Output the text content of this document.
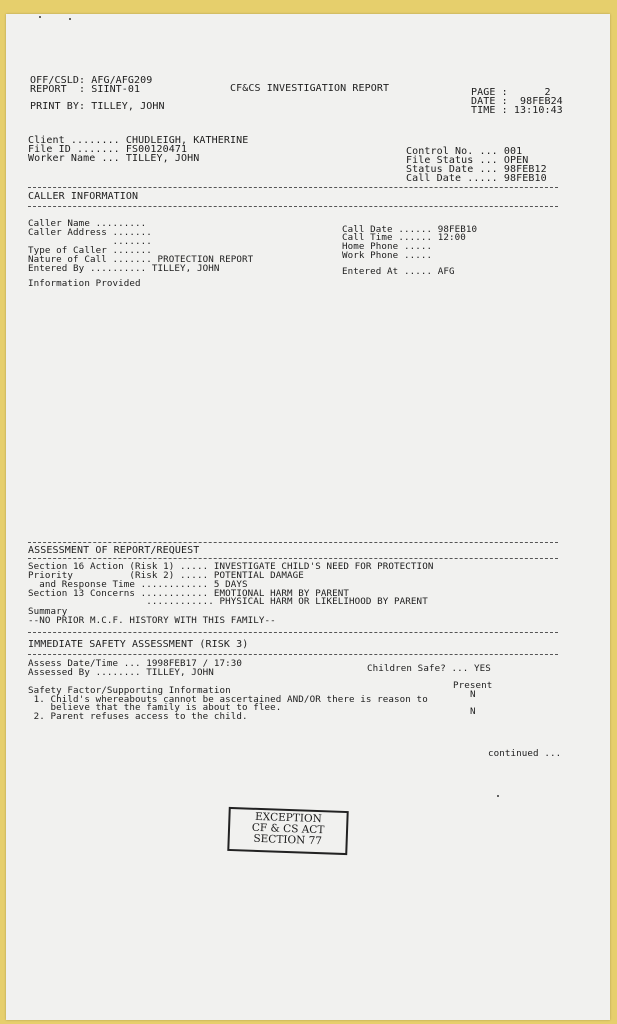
OFF/CSLD: AFG/AFG209
REPORT  : SIINT-01	CF&CS INVESTIGATION REPORT
PRINT BY: TILLEY, JOHN
PAGE :      2
DATE :  98FEB24
TIME : 13:10:43
Client ........ CHUDLEIGH, KATHERINE
File ID ....... FS00120471
Worker Name ... TILLEY, JOHN
Control No. ... 001
File Status ... OPEN
Status Date ... 98FEB12
Call Date ..... 98FEB10
CALLER INFORMATION
Caller Name .........
Caller Address .......
.......
Type of Caller .......
Nature of Call ....... PROTECTION REPORT
Entered By .......... TILLEY, JOHN
Call Date ...... 98FEB10
Call Time ...... 12:00
Home Phone .....
Work Phone .....
Entered At ..... AFG
Information Provided
ASSESSMENT OF REPORT/REQUEST
Section 16 Action (Risk 1) ..... INVESTIGATE CHILD'S NEED FOR PROTECTION
Priority          (Risk 2) ..... POTENTIAL DAMAGE
and Response Time ............ 5 DAYS
Section 13 Concerns ............ EMOTIONAL HARM BY PARENT
............ PHYSICAL HARM OR LIKELIHOOD BY PARENT
Summary
--NO PRIOR M.C.F. HISTORY WITH THIS FAMILY--
IMMEDIATE SAFETY ASSESSMENT (RISK 3)
Assess Date/Time ... 1998FEB17 / 17:30
Assessed By ........ TILLEY, JOHN	Children Safe? ... YES
Present
Safety Factor/Supporting Information
1. Child's whereabouts cannot be ascertained AND/OR there is reason to	N
believe that the family is about to flee.
2. Parent refuses access to the child.	N
continued ...
EXCEPTION
CF & CS ACT
SECTION 77
